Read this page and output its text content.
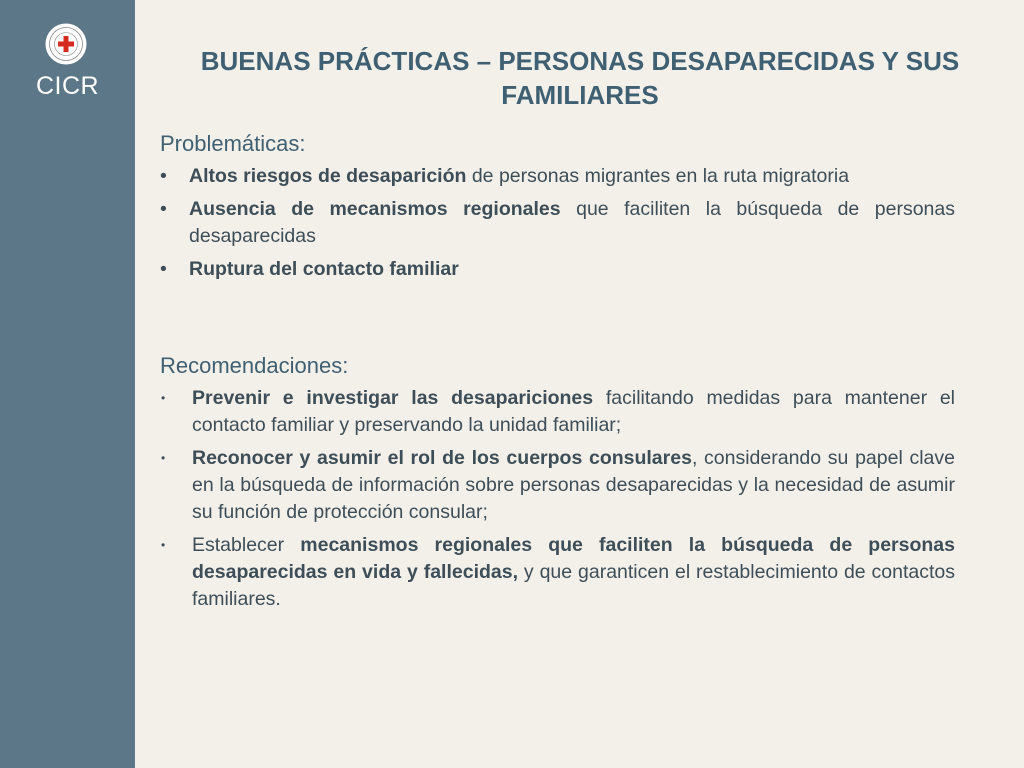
CICR
BUENAS PRÁCTICAS – PERSONAS DESAPARECIDAS Y SUS FAMILIARES
Problemáticas:
• Altos riesgos de desaparición de personas migrantes en la ruta migratoria
• Ausencia de mecanismos regionales que faciliten la búsqueda de personas desaparecidas
• Ruptura del contacto familiar
Recomendaciones:
• Prevenir e investigar las desapariciones facilitando medidas para mantener el contacto familiar y preservando la unidad familiar;
• Reconocer y asumir el rol de los cuerpos consulares, considerando su papel clave en la búsqueda de información sobre personas desaparecidas y la necesidad de asumir su función de protección consular;
• Establecer mecanismos regionales que faciliten la búsqueda de personas desaparecidas en vida y fallecidas, y que garanticen el restablecimiento de contactos familiares.
